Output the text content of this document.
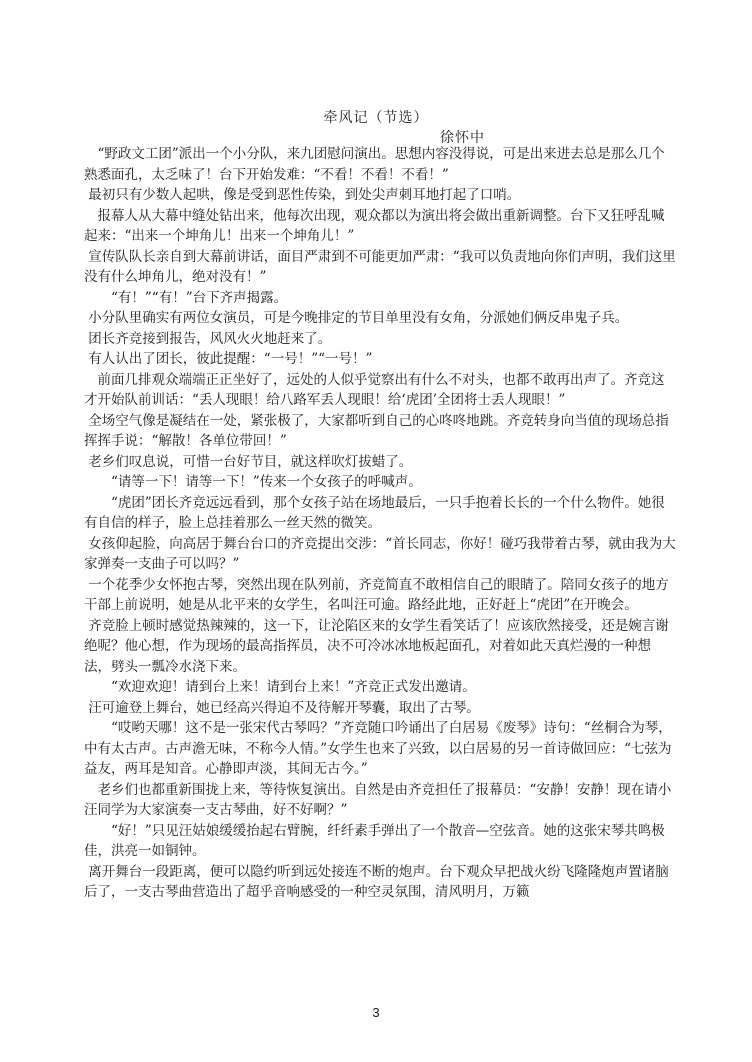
牵风记（节选）
徐怀中

　“野政文工团”派出一个小分队，来九团慰问演出。思想内容没得说，可是出来进去总是那么几个熟悉面孔，太乏味了！台下开始发难：“不看！不看！不看！”

最初只有少数人起哄，像是受到恶性传染，到处尖声刺耳地打起了口哨。

　报幕人从大幕中缝处钻出来，他每次出现，观众都以为演出将会做出重新调整。台下又狂呼乱喊起来：“出来一个坤角儿！出来一个坤角儿！”

宣传队队长亲自到大幕前讲话，面目严肃到不可能更加严肃：“我可以负责地向你们声明，我们这里没有什么坤角儿，绝对没有！”

　　“有！”“有！”台下齐声揭露。

小分队里确实有两位女演员，可是今晚排定的节目单里没有女角，分派她们俩反串鬼子兵。

团长齐竞接到报告，风风火火地赶来了。

有人认出了团长，彼此提醒：“一号！”“一号！”

　前面几排观众端端正正坐好了，远处的人似乎觉察出有什么不对头，也都不敢再出声了。齐竞这才开始队前训话：“丢人现眼！给八路军丢人现眼！给‘虎团’全团将士丢人现眼！”

全场空气像是凝结在一处，紧张极了，大家都听到自己的心咚咚地跳。齐竞转身向当值的现场总指挥挥手说：“解散！各单位带回！”

老乡们叹息说，可惜一台好节目，就这样吹灯拔蜡了。

　　“请等一下！请等一下！”传来一个女孩子的呼喊声。

　　“虎团”团长齐竞远远看到，那个女孩子站在场地最后，一只手抱着长长的一个什么物件。她很有自信的样子，脸上总挂着那么一丝天然的微笑。

女孩仰起脸，向高居于舞台台口的齐竞提出交涉：“首长同志，你好！碰巧我带着古琴，就由我为大家弹奏一支曲子可以吗？”

一个花季少女怀抱古琴，突然出现在队列前，齐竞简直不敢相信自己的眼睛了。陪同女孩子的地方干部上前说明，她是从北平来的女学生，名叫汪可逾。路经此地，正好赶上“虎团”在开晚会。

齐竞脸上顿时感觉热辣辣的，这一下，让沦陷区来的女学生看笑话了！应该欣然接受，还是婉言谢绝呢？他心想，作为现场的最高指挥员，决不可冷冰冰地板起面孔，对着如此天真烂漫的一种想法，劈头一瓢冷水浇下来。

　　“欢迎欢迎！请到台上来！请到台上来！”齐竞正式发出邀请。

汪可逾登上舞台，她已经高兴得迫不及待解开琴囊，取出了古琴。

　　“哎哟天哪！这不是一张宋代古琴吗？”齐竞随口吟诵出了白居易《废琴》诗句：“丝桐合为琴，中有太古声。古声澹无味，不称今人情。”女学生也来了兴致，以白居易的另一首诗做回应：“七弦为益友，两耳是知音。心静即声淡，其间无古今。”

　老乡们也都重新围拢上来，等待恢复演出。自然是由齐竞担任了报幕员：“安静！安静！现在请小汪同学为大家演奏一支古琴曲，好不好啊？”

　　“好！”只见汪姑娘缓缓抬起右臂腕，纤纤素手弹出了一个散音—空弦音。她的这张宋琴共鸣极佳，洪亮一如铜钟。

离开舞台一段距离，便可以隐约听到远处接连不断的炮声。台下观众早把战火纷飞隆隆炮声置诸脑后了，一支古琴曲营造出了超乎音响感受的一种空灵氛围，清风明月，万籁

3
